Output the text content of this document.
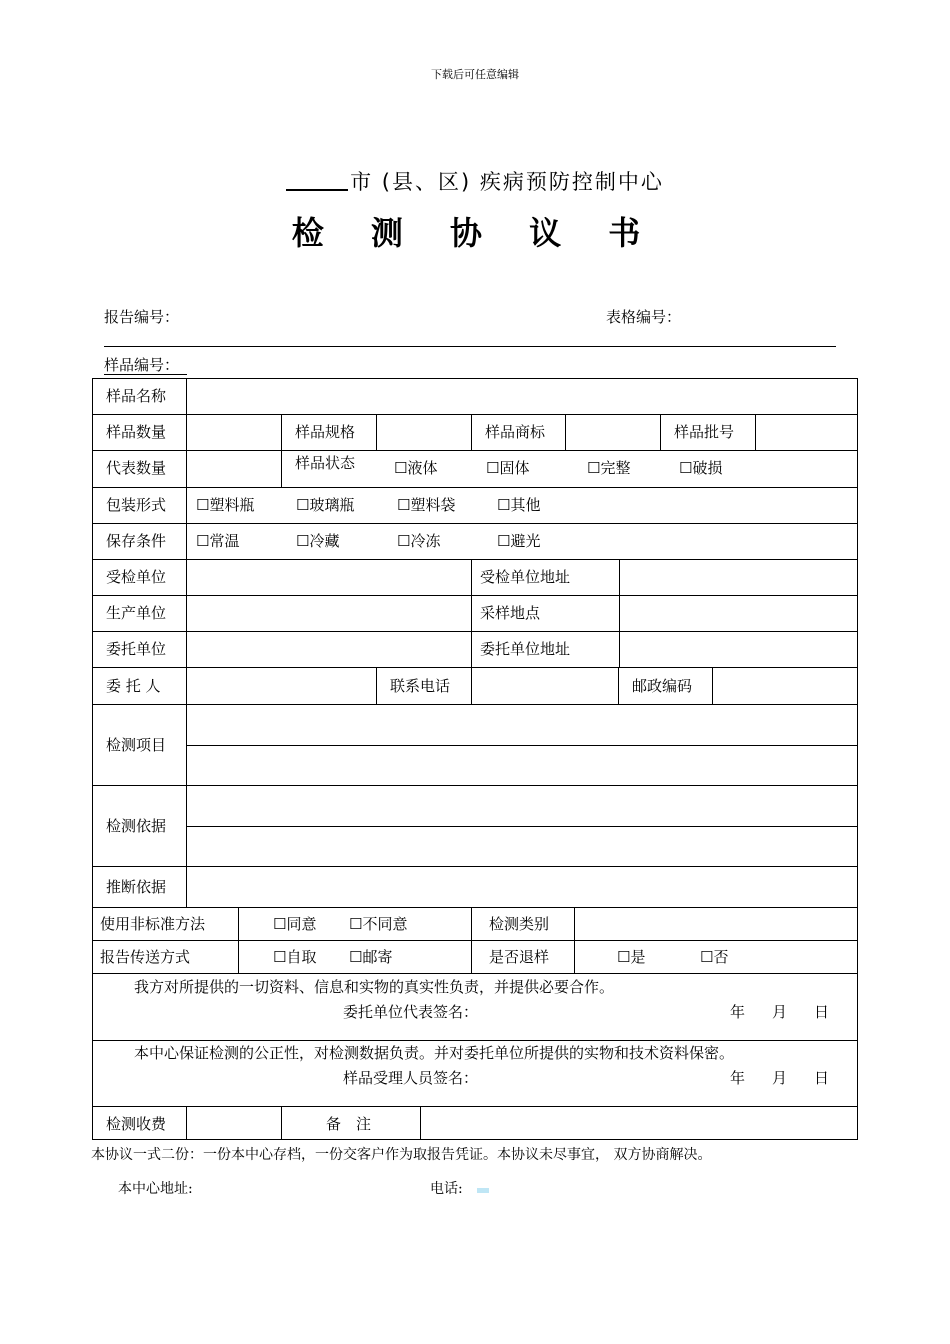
下载后可任意编辑
市 (县、区) 疾病预防控制中心
检 测 协 议 书
报告编号：	表格编号：
样品编号：
样品名称
样品数量	样品规格	样品商标	样品批号
代表数量	样品状态	☐液体	☐固体	☐完整	☐破损
包装形式 ☐塑料瓶	☐玻璃瓶	☐塑料袋	☐其他
保存条件 ☐常温	☐冷藏	☐冷冻	☐避光
受检单位	受检单位地址
生产单位	采样地点
委托单位	委托单位地址
委 托 人	联系电话	邮政编码
检测项目
检测依据
推断依据
使用非标准方法	☐同意 ☐不同意	检测类别
报告传送方式	☐自取 ☐邮寄	是否退样	☐是	☐否
我方对所提供的一切资料、信息和实物的真实性负责，并提供必要合作。
委托单位代表签名：	年 月 日
本中心保证检测的公正性，对检测数据负责。并对委托单位所提供的实物和技术资料保密。
样品受理人员签名：	年 月 日
检测收费	备　注
本协议一式二份：一份本中心存档，一份交客户作为取报告凭证。本协议未尽事宜， 双方协商解决。
本中心地址:	电话:
